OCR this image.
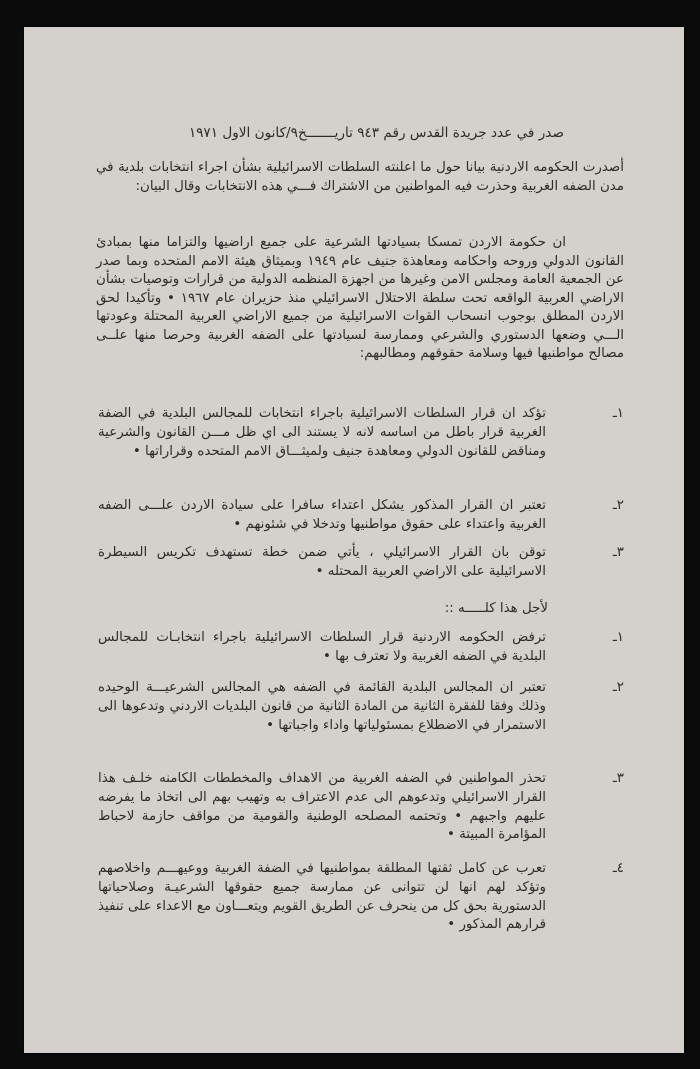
صدر في عدد جريدة القدس رقم ٩٤٣ تاريـــــــخ٩/كانون الاول ١٩٧١
أصدرت الحكومه الاردنية بيانا حول ما اعلنته السلطات الاسرائيلية بشأن اجراء انتخابات بلدية في مدن الضفه الغربية وحذرت فيه المواطنين من الاشتراك فـــي هذه الانتخابات وقال البيان:
ان حكومة الاردن تمسكا بسيادتها الشرعية على جميع اراضيها والتزاما منها بمبادئ القانون الدولي وروحه واحكامه ومعاهذة جنيف عام ١٩٤٩ وبميثاق هيئة الامم المتحده وبما صدر عن الجمعية العامة ومجلس الامن وغيرها من اجهزة المنظمه الدولية من قرارات وتوصيات بشأن الاراضي العربية الواقعه تحت سلطة الاحتلال الاسرائيلي منذ حزيران عام ١٩٦٧ • وتأكيدا لحق الاردن المطلق بوجوب انسحاب القوات الاسرائيلية من جميع الاراضي العربية المحتلة وعودتها الـــي وضعها الدستوري والشرعي وممارسة لسيادتها على الضفه الغربية وحرصا منها علــى مصالح مواطنيها فيها وسلامة حقوقهم ومطالبهم:
١ـ
تؤكد ان قرار السلطات الاسرائيلية باجراء انتخابات للمجالس البلدية في الضفة الغربية قرار باطل من اساسه لانه لا يستند الى اي ظل مـــن القانون والشرعية ومناقض للقانون الدولي ومعاهدة جنيف ولميثـــاق الامم المتحده وقراراتها •
٢ـ
تعتبر ان القرار المذكور يشكل اعتداء سافرا على سيادة الاردن علـــى الضفه الغربية واعتداء على حقوق مواطنيها وتدخلا في شئونهم •
٣ـ
توقن بان القرار الاسرائيلي ، يأتي ضمن خطة تستهدف تكريس السيطرة الاسرائيلية على الاراضي العربية المحتله •
لأجل هذا كلـــــه ::
١ـ
ترفض الحكومه الاردنية قرار السلطات الاسرائيلية باجراء انتخابـات للمجالس البلدية في الضفه الغربية ولا تعترف بها •
٢ـ
تعتبر ان المجالس البلدية القائمة في الضفه هي المجالس الشرعيـــة الوحيده وذلك وفقا للفقرة الثانية من المادة الثانية من قانون البلديات الاردني وتدعوها الى الاستمرار في الاضطلاع بمسئولياتها واداء واجباتها •
٣ـ
تحذر المواطنين في الضفه الغربية من الاهداف والمخططات الكامنه خلـف هذا القرار الاسرائيلي وتدعوهم الى عدم الاعتراف به وتهيب بهم الى اتخاذ ما يفرضه عليهم واجبهم • وتحتمه المصلحه الوطنية والقومية من مواقف حازمة لاحباط المؤامرة المبيتة •
٤ـ
تعرب عن كامل ثقتها المطلقة بمواطنيها في الضفة الغربية ووعيهـــم واخلاصهم وتؤكد لهم انها لن تتوانى عن ممارسة جميع حقوقها الشرعيـة وصلاحياتها الدستورية بحق كل من ينحرف عن الطريق القويم ويتعـــاون مع الاعداء على تنفيذ قرارهم المذكور •
